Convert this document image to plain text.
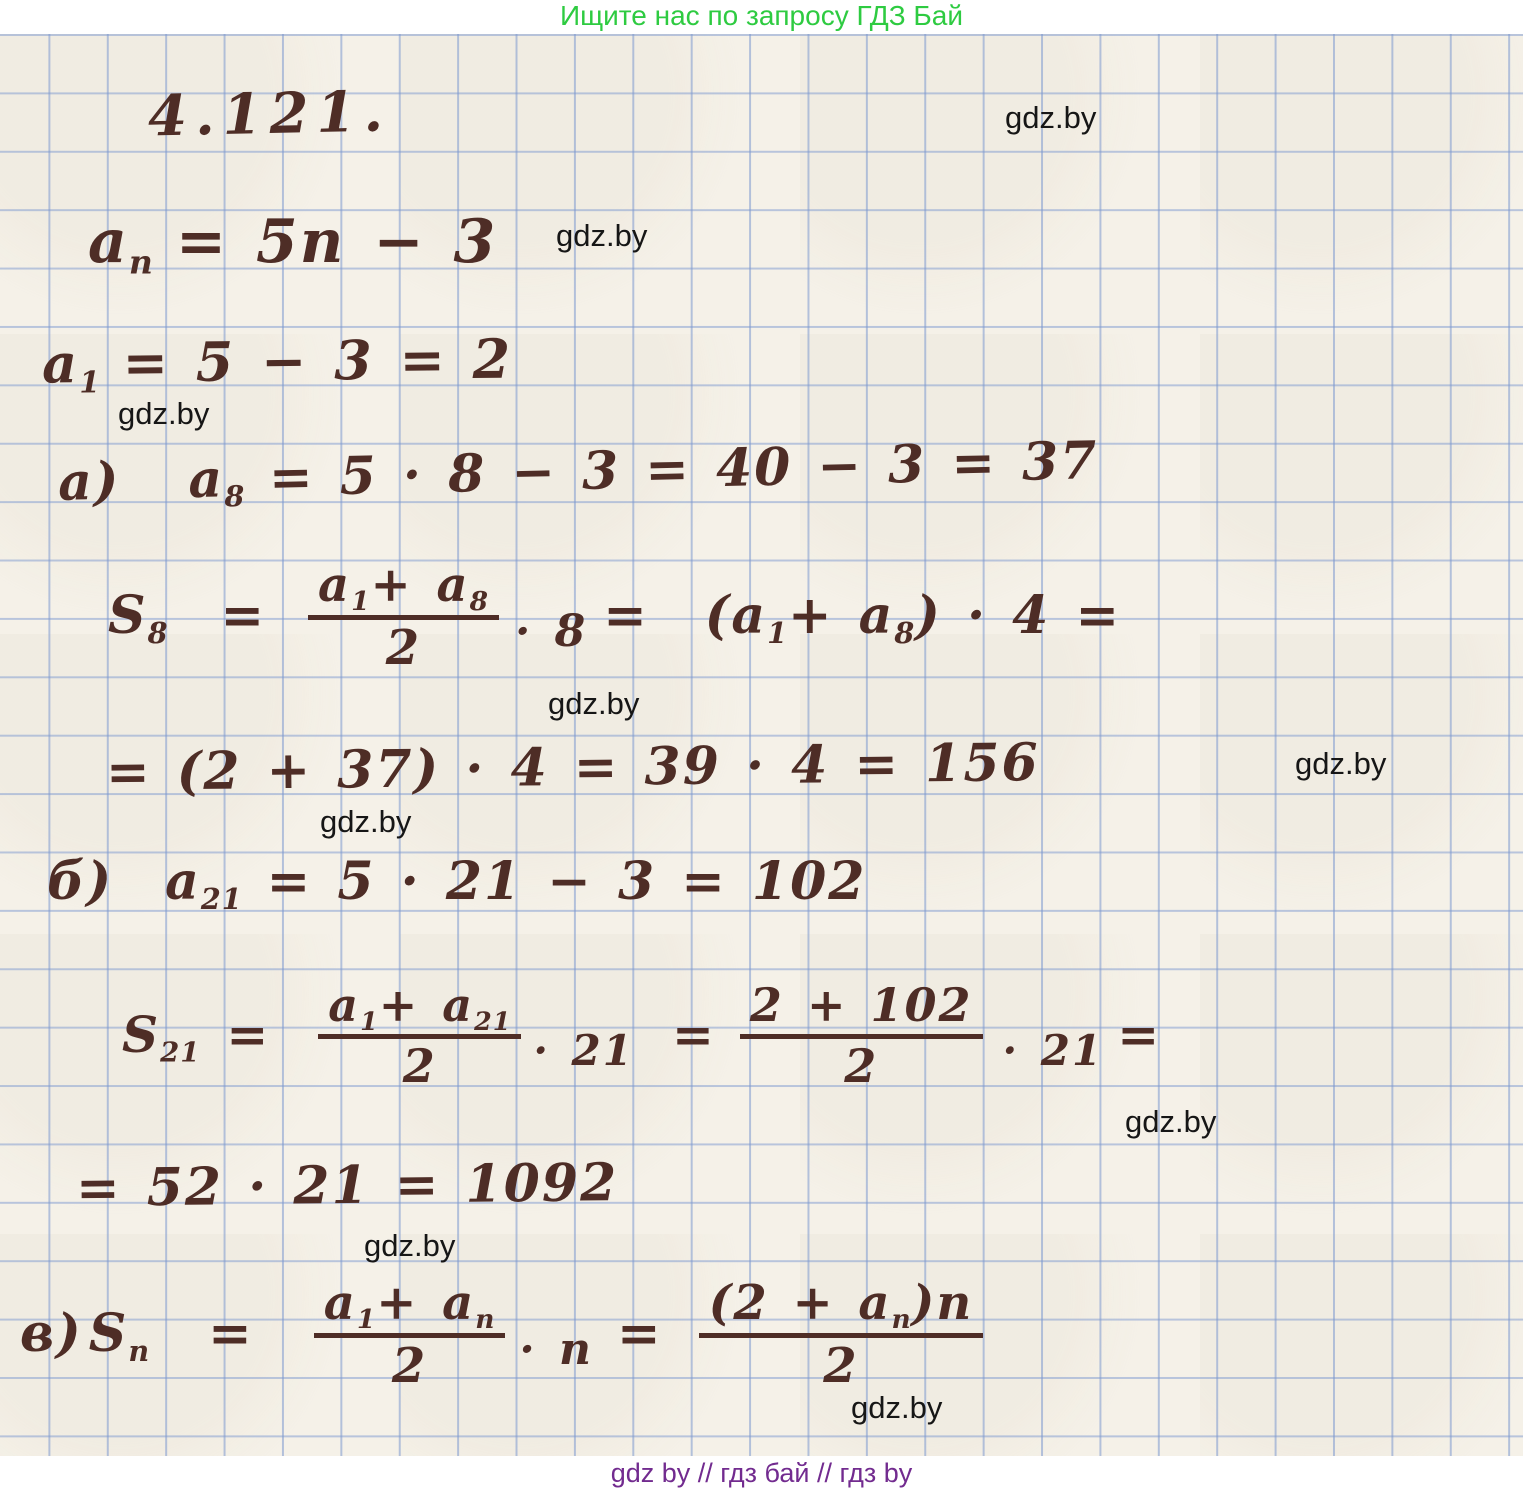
Ищите нас по запросу ГДЗ Бай
gdz.by
gdz.by
gdz.by
gdz.by
gdz.by
gdz.by
gdz.by
gdz.by
gdz.by
4.121.
$a_n = 5n - 3$
$a_1 = 5 - 3 = 2$
а) $a_8 = 5 \cdot 8 - 3 = 40 - 3 = 37$
$S_8 = \frac{a_1+ a_8}{2} \cdot 8 = (a_1+ a_8) \cdot 4$ =
= (2 + 37) · 4 = 39 · 4 = 156
б) $a_{21} = 5 \cdot 21 - 3 = 102$
$S_{21} = \frac{a_1+ a_{21}}{2} \cdot 21 = \frac{2 + 102}{2} \cdot 21$ =
= 52 · 21 = 1092
в) $S_n = \frac{a_1+ a_n}{2} \cdot n = \frac{(2 + a_n)n}{2}$
gdz by // гдз бай // гдз by
